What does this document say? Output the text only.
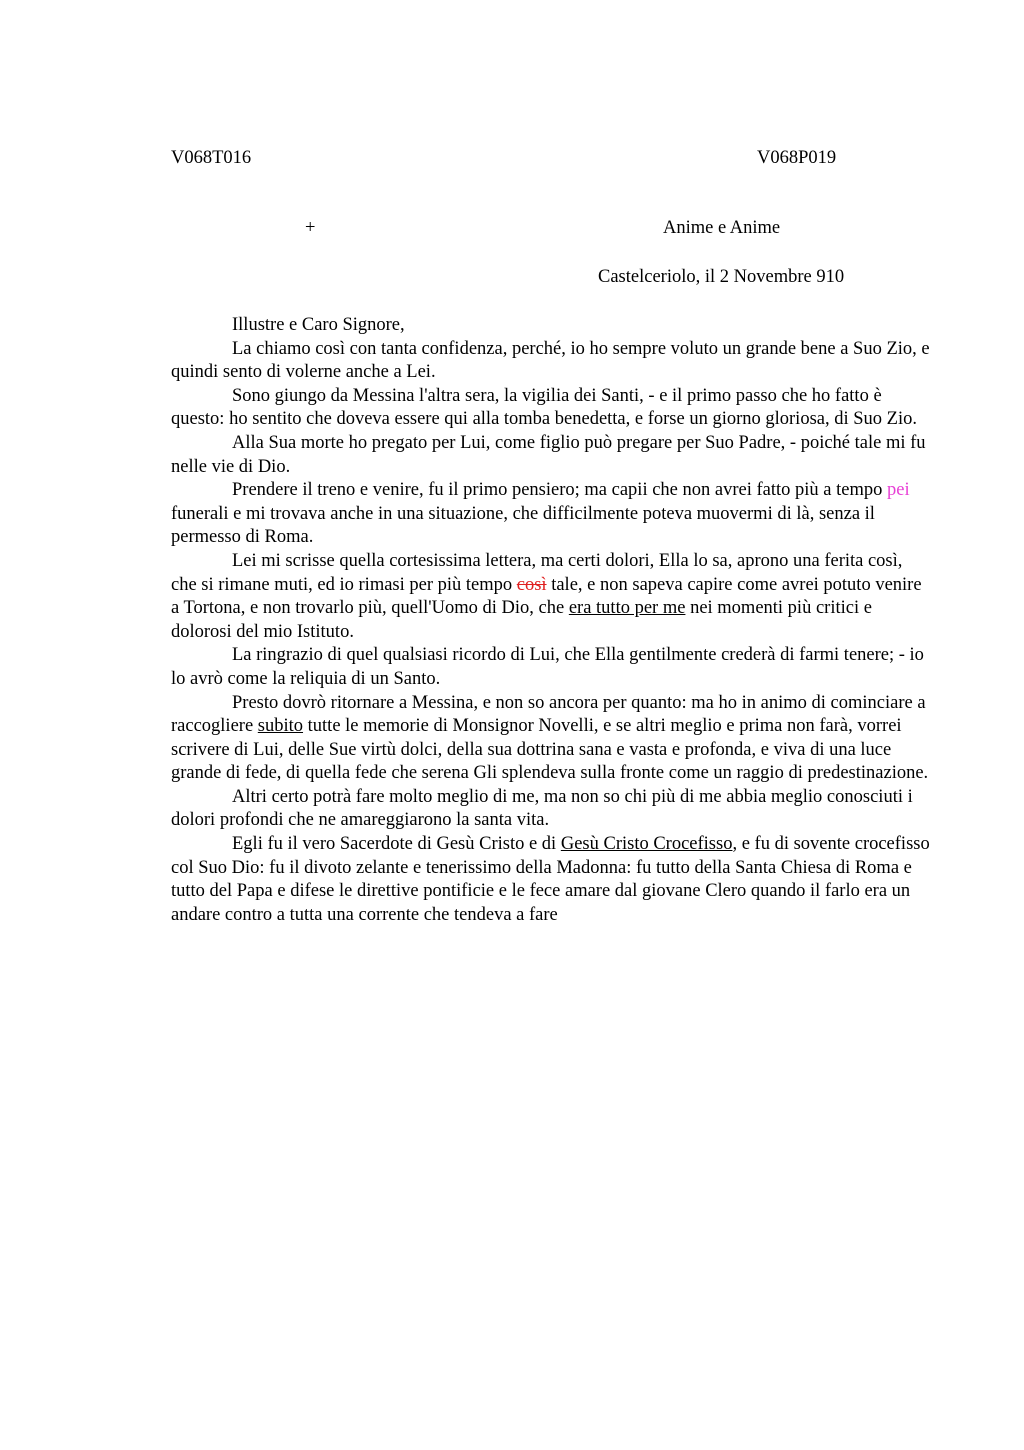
V068T016	V068P019
+	Anime e Anime
Castelceriolo, il 2 Novembre 910

Illustre e Caro Signore,

La chiamo così con tanta confidenza, perché, io ho sempre voluto un grande bene a Suo Zio, e quindi sento di volerne anche a Lei.

Sono giungo da Messina l'altra sera, la vigilia dei Santi, - e il primo passo che ho fatto è questo: ho sentito che doveva essere qui alla tomba benedetta, e forse un giorno gloriosa, di Suo Zio.

Alla Sua morte ho pregato per Lui, come figlio può pregare per Suo Padre, - poiché tale mi fu nelle vie di Dio.

Prendere il treno e venire, fu il primo pensiero; ma capii che non avrei fatto più a tempo pei funerali e mi trovava anche in una situazione, che difficilmente poteva muovermi di là, senza il permesso di Roma.

Lei mi scrisse quella cortesissima lettera, ma certi dolori, Ella lo sa, aprono una ferita così, che si rimane muti, ed io rimasi per più tempo così tale, e non sapeva capire come avrei potuto venire a Tortona, e non trovarlo più, quell'Uomo di Dio, che era tutto per me nei momenti più critici e dolorosi del mio Istituto.

La ringrazio di quel qualsiasi ricordo di Lui, che Ella gentilmente crederà di farmi tenere; - io lo avrò come la reliquia di un Santo.

Presto dovrò ritornare a Messina, e non so ancora per quanto: ma ho in animo di cominciare a raccogliere subito tutte le memorie di Monsignor Novelli, e se altri meglio e prima non farà, vorrei scrivere di Lui, delle Sue virtù dolci, della sua dottrina sana e vasta e profonda, e viva di una luce grande di fede, di quella fede che serena Gli splendeva sulla fronte come un raggio di predestinazione.

Altri certo potrà fare molto meglio di me, ma non so chi più di me abbia meglio conosciuti i dolori profondi che ne amareggiarono la santa vita.

Egli fu il vero Sacerdote di Gesù Cristo e di Gesù Cristo Crocefisso, e fu di sovente crocefisso col Suo Dio: fu il divoto zelante e tenerissimo della Madonna: fu tutto della Santa Chiesa di Roma e tutto del Papa e difese le direttive pontificie e le fece amare dal giovane Clero quando il farlo era un andare contro a tutta una corrente che tendeva a fare
